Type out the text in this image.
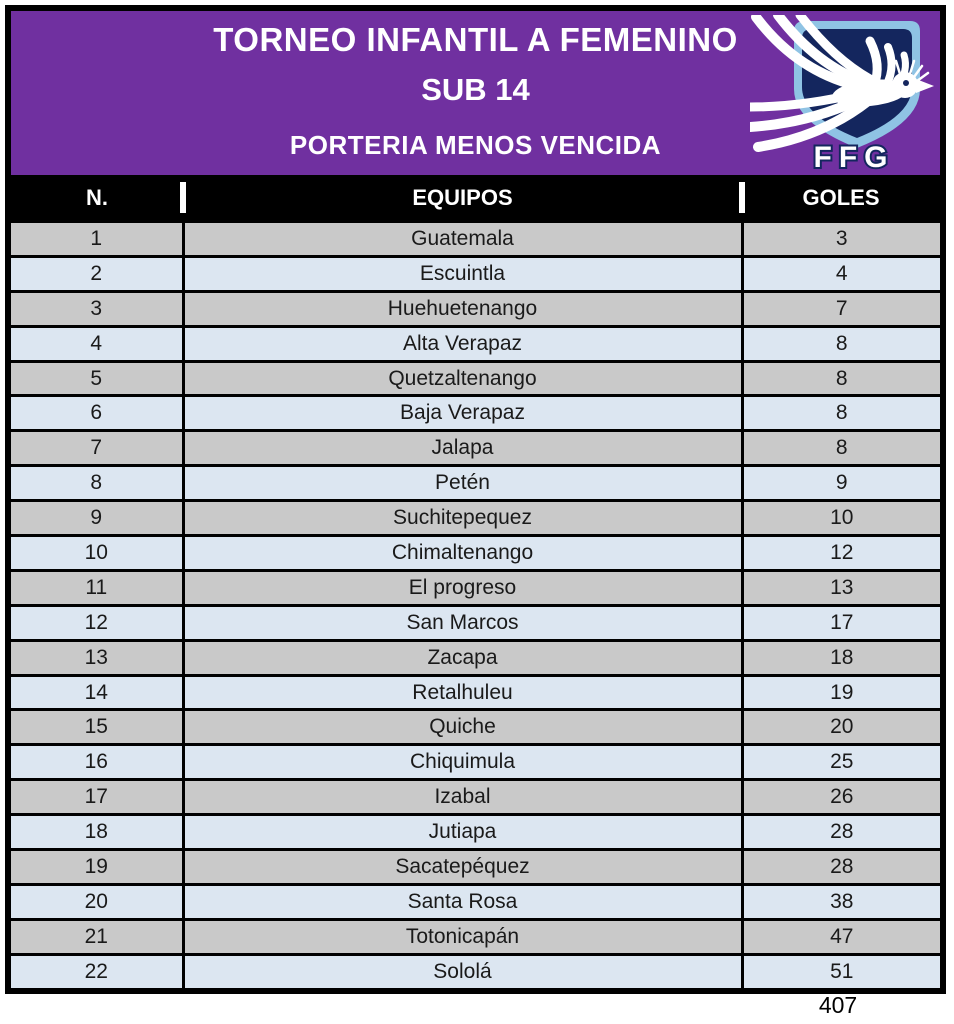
TORNEO INFANTIL A FEMENINO
SUB 14
PORTERIA MENOS VENCIDA	FFG
N.	EQUIPOS	GOLES
1	Guatemala	3
2	Escuintla	4
3	Huehuetenango	7
4	Alta Verapaz	8
5	Quetzaltenango	8
6	Baja Verapaz	8
7	Jalapa	8
8	Petén	9
9	Suchitepequez	10
10	Chimaltenango	12
11	El progreso	13
12	San Marcos	17
13	Zacapa	18
14	Retalhuleu	19
15	Quiche	20
16	Chiquimula	25
17	Izabal	26
18	Jutiapa	28
19	Sacatepéquez	28
20	Santa Rosa	38
21	Totonicapán	47
22	Sololá	51
407
